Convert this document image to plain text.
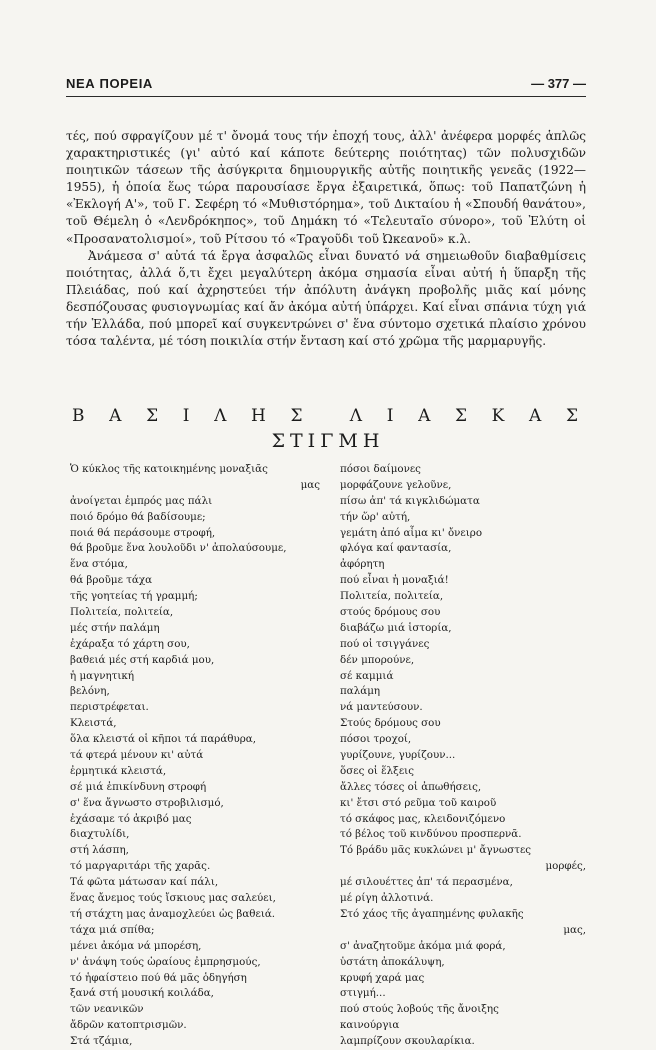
ΝΕΑ ΠΟΡΕΙΑ	— 377 —

τές, πού σφραγίζουν μέ τ' ὄνομά τους τήν ἐποχή τους, ἀλλ' ἀνέφερα μορφές ἁπλῶς χαρακτηριστικές (γι' αὐτό καί κάποτε δεύτερης ποιότητας) τῶν πολυσχιδῶν ποιητικῶν τάσεων τῆς ἀσύγκριτα δημιουργικῆς αὐτῆς ποιητικῆς γενεᾶς (1922—1955), ἡ ὁποία ἕως τώρα παρουσίασε ἔργα ἐξαιρετικά, ὅπως: τοῦ Παπατζώνη ἡ «Ἐκλογή Α'», τοῦ Γ. Σεφέρη τό «Μυθιστόρημα», τοῦ Δικταίου ἡ «Σπουδή θανάτου», τοῦ Θέμελη ὁ «Λενδρόκηπος», τοῦ Δημάκη τό «Τελευταῖο σύνορο», τοῦ Ἐλύτη οἱ «Προσανατολισμοί», τοῦ Ρίτσου τό «Τραγοῦδι τοῦ Ὠκεανοῦ» κ.λ.

Ἀνάμεσα σ' αὐτά τά ἔργα ἀσφαλῶς εἶναι δυνατό νά σημειωθοῦν διαβαθμίσεις ποιότητας, ἀλλά ὅ,τι ἔχει μεγαλύτερη ἀκόμα σημασία εἶναι αὐτή ἡ ὕπαρξη τῆς Πλειάδας, πού καί ἀχρηστεύει τήν ἀπόλυτη ἀνάγκη προβολῆς μιᾶς καί μόνης δεσπόζουσας φυσιογνωμίας καί ἄν ἀκόμα αὐτή ὑπάρχει. Καί εἶναι σπάνια τύχη γιά τήν Ἑλλάδα, πού μπορεῖ καί συγκεντρώνει σ' ἕνα σύντομο σχετικά πλαίσιο χρόνου τόσα ταλέντα, μέ τόση ποικιλία στήν ἔνταση καί στό χρῶμα τῆς μαρμαρυγῆς.

Β Α Σ Ι Λ Η Σ	Λ Ι Α Σ Κ Α Σ
ΣΤΙΓΜΗ
Ὁ κύκλος τῆς κατοικημένης μοναξιᾶς
μας
ἀνοίγεται ἐμπρός μας πάλι
ποιό δρόμο θά βαδίσουμε;
ποιά θά περάσουμε στροφή,
θά βροῦμε ἕνα λουλοῦδι ν' ἀπολαύσουμε,
ἕνα στόμα,
θά βροῦμε τάχα
τῆς γοητείας τή γραμμή;
Πολιτεία, πολιτεία,
μές στήν παλάμη
ἐχάραξα τό χάρτη σου,
βαθειά μές στή καρδιά μου,
ἡ μαγνητική
βελόνη,
περιστρέφεται.
Κλειστά,
ὅλα κλειστά οἱ κῆποι τά παράθυρα,
τά φτερά μένουν κι' αὐτά
ἐρμητικά κλειστά,
σέ μιά ἐπικίνδυνη στροφή
σ' ἕνα ἄγνωστο στροβιλισμό,
ἐχάσαμε τό ἀκριβό μας
διαχτυλίδι,
στή λάσπη,
τό μαργαριτάρι τῆς χαρᾶς.
Τά φῶτα μάτωσαν καί πάλι,
ἕνας ἄνεμος τούς ἴσκιους μας σαλεύει,
τή στάχτη μας ἀναμοχλεύει ὡς βαθειά.
τάχα μιά σπίθα;
μένει ἀκόμα νά μπορέση,
ν' ἀνάψη τούς ὡραίους ἐμπρησμούς,
τό ἡφαίστειο πού θά μᾶς ὁδηγήση
ξανά στή μουσική κοιλάδα,
τῶν νεανικῶν
ἄδρῶν κατοπτρισμῶν.
Στά τζάμια,
πόσοι δαίμονες
μορφάζουνε γελοῦνε,
πίσω ἀπ' τά κιγκλιδώματα
τήν ὥρ' αὐτή,
γεμάτη ἀπό αἷμα κι' ὄνειρο
φλόγα καί φαντασία,
ἀφόρητη
πού εἶναι ἡ μοναξιά!
Πολιτεία, πολιτεία,
στούς δρόμους σου
διαβάζω μιά ἱστορία,
πού οἱ τσιγγάνες
δέν μπορούνε,
σέ καμμιά
παλάμη
νά μαντεύσουν.
Στούς δρόμους σου
πόσοι τροχοί,
γυρίζουνε, γυρίζουν...
ὅσες οἱ ἕλξεις
ἄλλες τόσες οἱ ἀπωθήσεις,
κι' ἔτσι στό ρεῦμα τοῦ καιροῦ
τό σκάφος μας, κλειδονιζόμενο
τό βέλος τοῦ κινδύνου προσπερνᾶ.
Τό βράδυ μᾶς κυκλώνει μ' ἄγνωστες
μορφές,
μέ σιλουέττες ἀπ' τά περασμένα,
μέ ρίγη ἀλλοτινά.
Στό χάος τῆς ἀγαπημένης φυλακῆς
μας,
σ' ἀναζητοῦμε ἀκόμα μιά φορά,
ὑστάτη ἀποκάλυψη,
κρυφή χαρά μας
στιγμή...
πού στούς λοβούς τῆς ἄνοιξης
καινούργια
λαμπρίζουν σκουλαρίκια.
